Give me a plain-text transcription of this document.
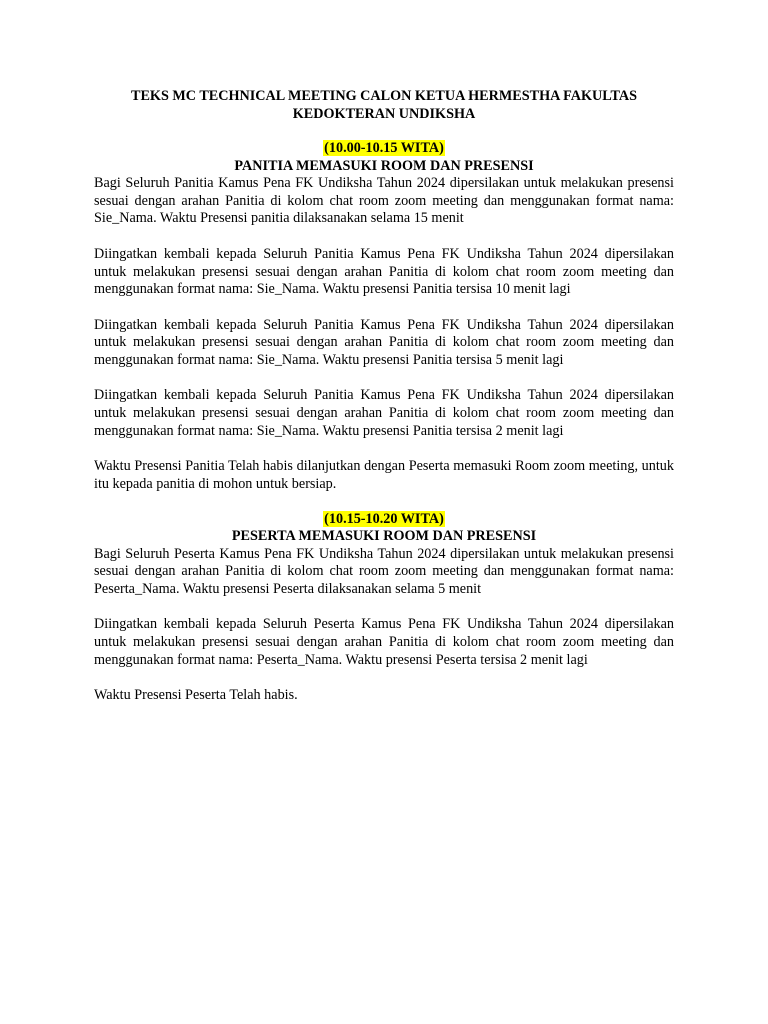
TEKS MC TECHNICAL MEETING CALON KETUA HERMESTHA FAKULTAS KEDOKTERAN UNDIKSHA
(10.00-10.15 WITA)
PANITIA MEMASUKI ROOM DAN PRESENSI

Bagi Seluruh Panitia Kamus Pena FK Undiksha Tahun 2024 dipersilakan untuk melakukan presensi sesuai dengan arahan Panitia di kolom chat room zoom meeting dan menggunakan format nama: Sie_Nama. Waktu Presensi panitia dilaksanakan selama 15 menit

Diingatkan kembali kepada Seluruh Panitia Kamus Pena FK Undiksha Tahun 2024 dipersilakan untuk melakukan presensi sesuai dengan arahan Panitia di kolom chat room zoom meeting dan menggunakan format nama: Sie_Nama. Waktu presensi Panitia tersisa 10 menit lagi

Diingatkan kembali kepada Seluruh Panitia Kamus Pena FK Undiksha Tahun 2024 dipersilakan untuk melakukan presensi sesuai dengan arahan Panitia di kolom chat room zoom meeting dan menggunakan format nama: Sie_Nama. Waktu presensi Panitia tersisa 5 menit lagi

Diingatkan kembali kepada Seluruh Panitia Kamus Pena FK Undiksha Tahun 2024 dipersilakan untuk melakukan presensi sesuai dengan arahan Panitia di kolom chat room zoom meeting dan menggunakan format nama: Sie_Nama. Waktu presensi Panitia tersisa 2 menit lagi

Waktu Presensi Panitia Telah habis dilanjutkan dengan Peserta memasuki Room zoom meeting, untuk itu kepada panitia di mohon untuk bersiap.

(10.15-10.20 WITA)
PESERTA MEMASUKI ROOM DAN PRESENSI

Bagi Seluruh Peserta Kamus Pena FK Undiksha Tahun 2024 dipersilakan untuk melakukan presensi sesuai dengan arahan Panitia di kolom chat room zoom meeting dan menggunakan format nama: Peserta_Nama. Waktu presensi Peserta dilaksanakan selama 5 menit

Diingatkan kembali kepada Seluruh Peserta Kamus Pena FK Undiksha Tahun 2024 dipersilakan untuk melakukan presensi sesuai dengan arahan Panitia di kolom chat room zoom meeting dan menggunakan format nama: Peserta_Nama. Waktu presensi Peserta tersisa 2 menit lagi

Waktu Presensi Peserta Telah habis.
